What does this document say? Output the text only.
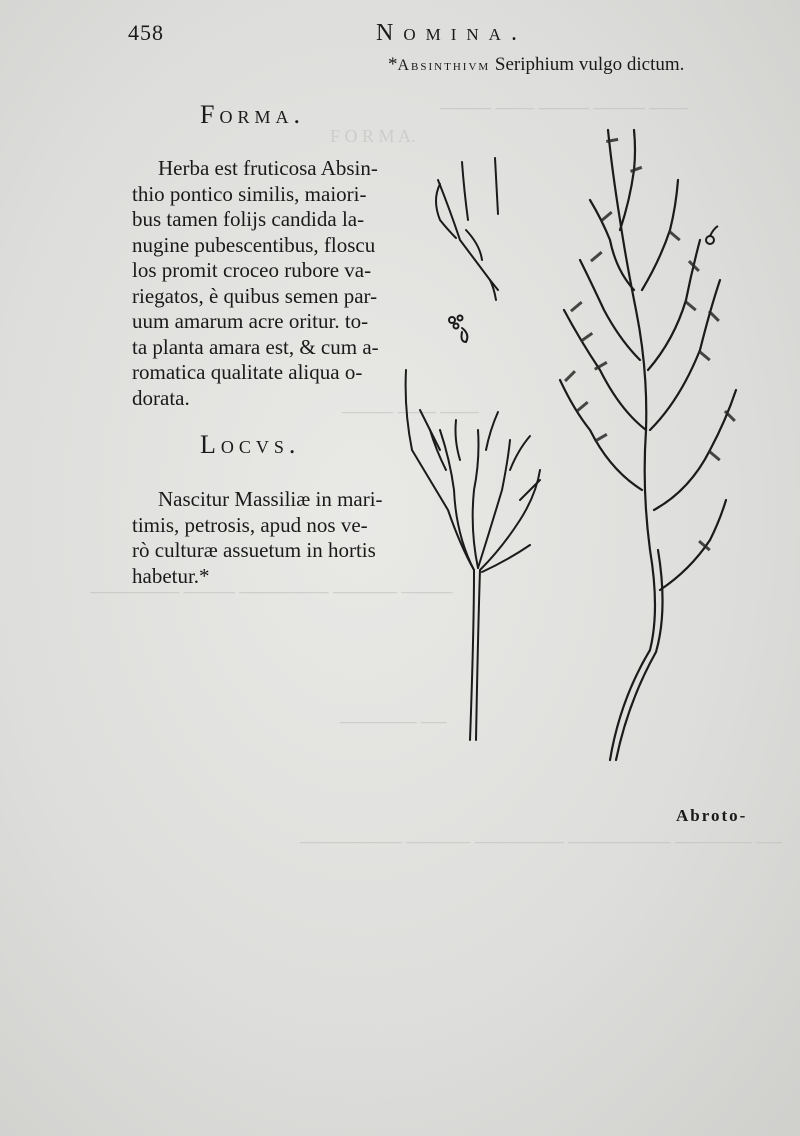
──── ─── ──── ──── ───
F O R M A.
──── ─── ───
─────── ──── ─────── ───── ────
────── ──
──────── ───── ─────── ──────── ────── ──
458	Nomina.
*Absinthivm Seriphium vulgo dictum.
Forma.
Herba est fruticosa Absin-
thio pontico similis, maiori-
bus tamen folijs candida la-
nugine pubescentibus, floscu
los promit croceo rubore va-
riegatos, è quibus semen par-
uum amarum acre oritur. to-
ta planta amara est, & cum a-
romatica qualitate aliqua o-
dorata.
Locvs.
Nascitur Massiliæ in mari-
timis, petrosis, apud nos ve-
rò culturæ assuetum in hortis
habetur.*
Abroto-
